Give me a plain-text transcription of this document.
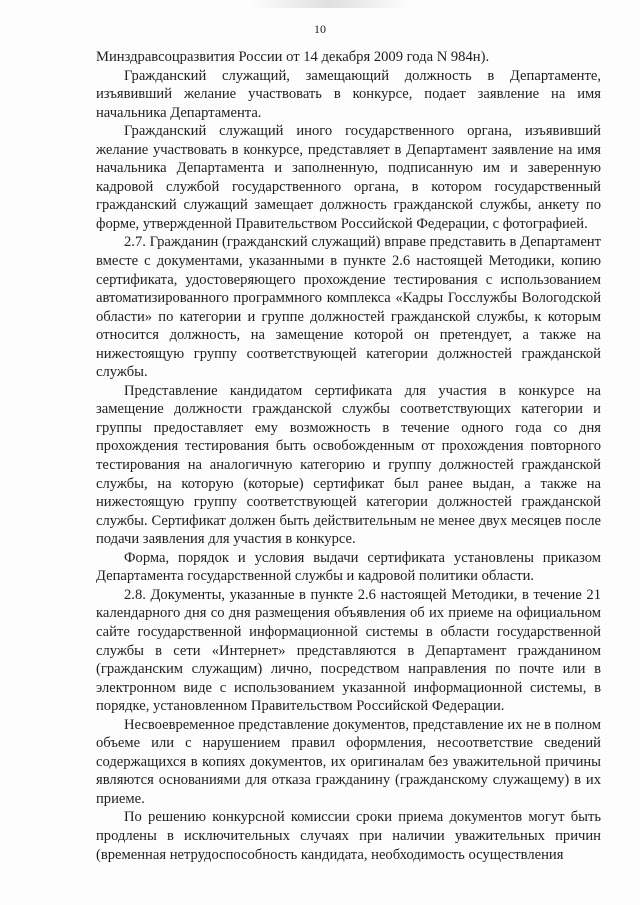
10

Минздравсоцразвития России от 14 декабря 2009 года N 984н).

Гражданский служащий, замещающий должность в Департаменте, изъявивший желание участвовать в конкурсе, подает заявление на имя начальника Департамента.

Гражданский служащий иного государственного органа, изъявивший желание участвовать в конкурсе, представляет в Департамент заявление на имя начальника Департамента и заполненную, подписанную им и заверенную кадровой службой государственного органа, в котором государственный гражданский служащий замещает должность гражданской службы, анкету по форме, утвержденной Правительством Российской Федерации, с фотографией.

2.7. Гражданин (гражданский служащий) вправе представить в Департамент вместе с документами, указанными в пункте 2.6 настоящей Методики, копию сертификата, удостоверяющего прохождение тестирования с использованием автоматизированного программного комплекса «Кадры Госслужбы Вологодской области» по категории и группе должностей гражданской службы, к которым относится должность, на замещение которой он претендует, а также на нижестоящую группу соответствующей категории должностей гражданской службы.

Представление кандидатом сертификата для участия в конкурсе на замещение должности гражданской службы соответствующих категории и группы предоставляет ему возможность в течение одного года со дня прохождения тестирования быть освобожденным от прохождения повторного тестирования на аналогичную категорию и группу должностей гражданской службы, на которую (которые) сертификат был ранее выдан, а также на нижестоящую группу соответствующей категории должностей гражданской службы. Сертификат должен быть действительным не менее двух месяцев после подачи заявления для участия в конкурсе.

Форма, порядок и условия выдачи сертификата установлены приказом Департамента государственной службы и кадровой политики области.

2.8. Документы, указанные в пункте 2.6 настоящей Методики, в течение 21 календарного дня со дня размещения объявления об их приеме на официальном сайте государственной информационной системы в области государственной службы в сети «Интернет» представляются в Департамент гражданином (гражданским служащим) лично, посредством направления по почте или в электронном виде с использованием указанной информационной системы, в порядке, установленном Правительством Российской Федерации.

Несвоевременное представление документов, представление их не в полном объеме или с нарушением правил оформления, несоответствие сведений содержащихся в копиях документов, их оригиналам без уважительной причины являются основаниями для отказа гражданину (гражданскому служащему) в их приеме.

По решению конкурсной комиссии сроки приема документов могут быть продлены в исключительных случаях при наличии уважительных причин (временная нетрудоспособность кандидата, необходимость осуществления
